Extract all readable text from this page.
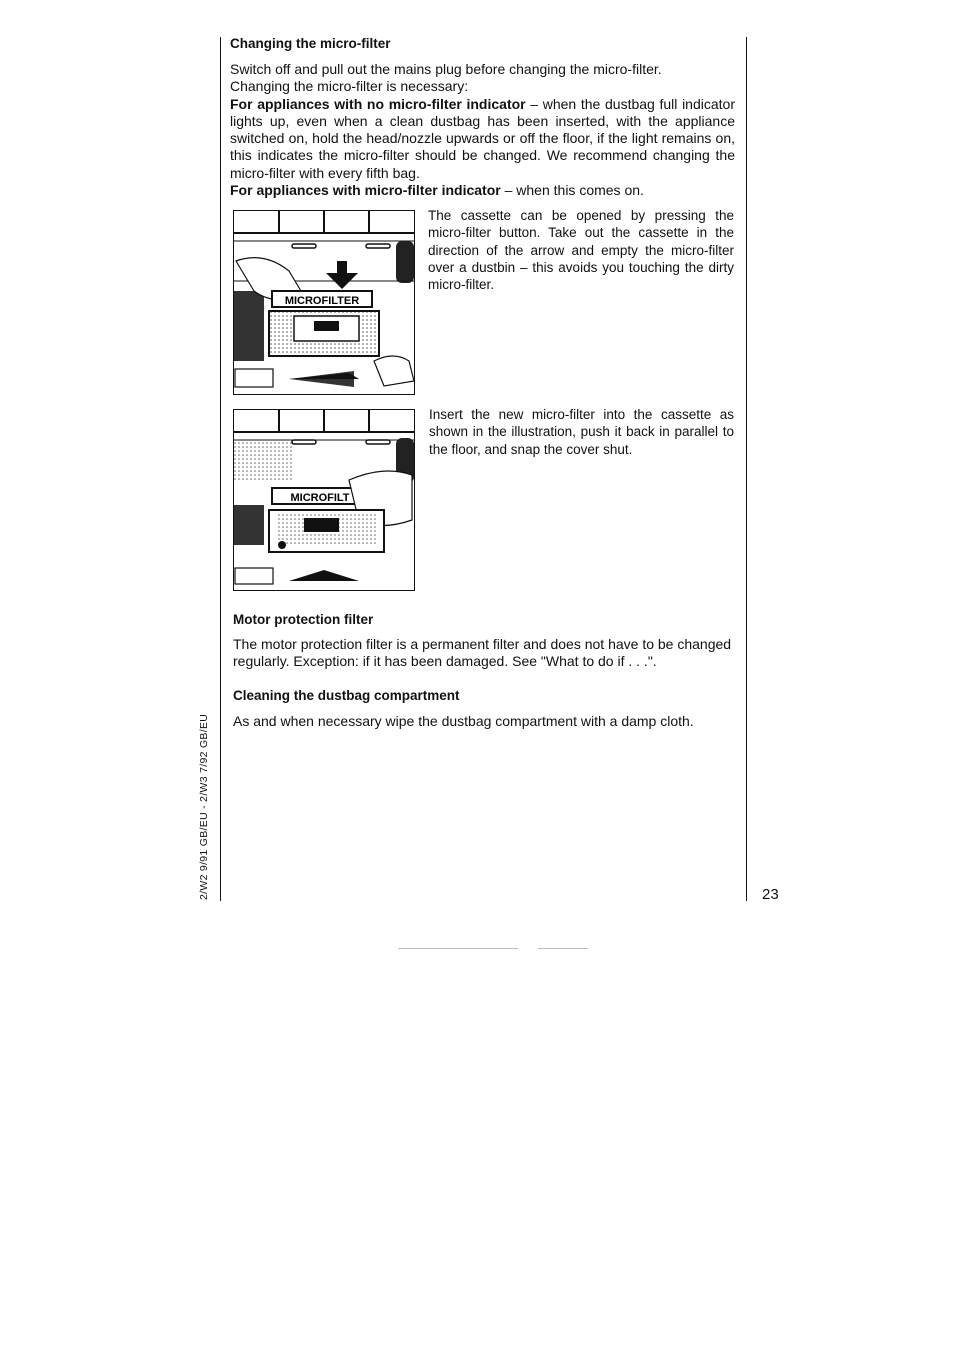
Changing the micro-filter
Switch off and pull out the mains plug before changing the micro-filter.
Changing the micro-filter is necessary:
For appliances with no micro-filter indicator – when the dustbag full indicator lights up, even when a clean dustbag has been inserted, with the appliance switched on, hold the head/nozzle upwards or off the floor, if the light remains on, this indicates the micro-filter should be changed. We recommend changing the micro-filter with every fifth bag.
For appliances with micro-filter indicator – when this comes on.
MICROFILTER
The cassette can be opened by pressing the micro-filter button. Take out the cassette in the direction of the arrow and empty the micro-filter over a dustbin – this avoids you touching the dirty micro-filter.
MICROFILT
Insert the new micro-filter into the cassette as shown in the illustration, push it back in parallel to the floor, and snap the cover shut.
Motor protection filter
The motor protection filter is a permanent filter and does not have to be changed regularly. Exception: if it has been damaged. See "What to do if . . .".
Cleaning the dustbag compartment
As and when necessary wipe the dustbag compartment with a damp cloth.
2/W2 9/91 GB/EU - 2/W3 7/92 GB/EU	23
